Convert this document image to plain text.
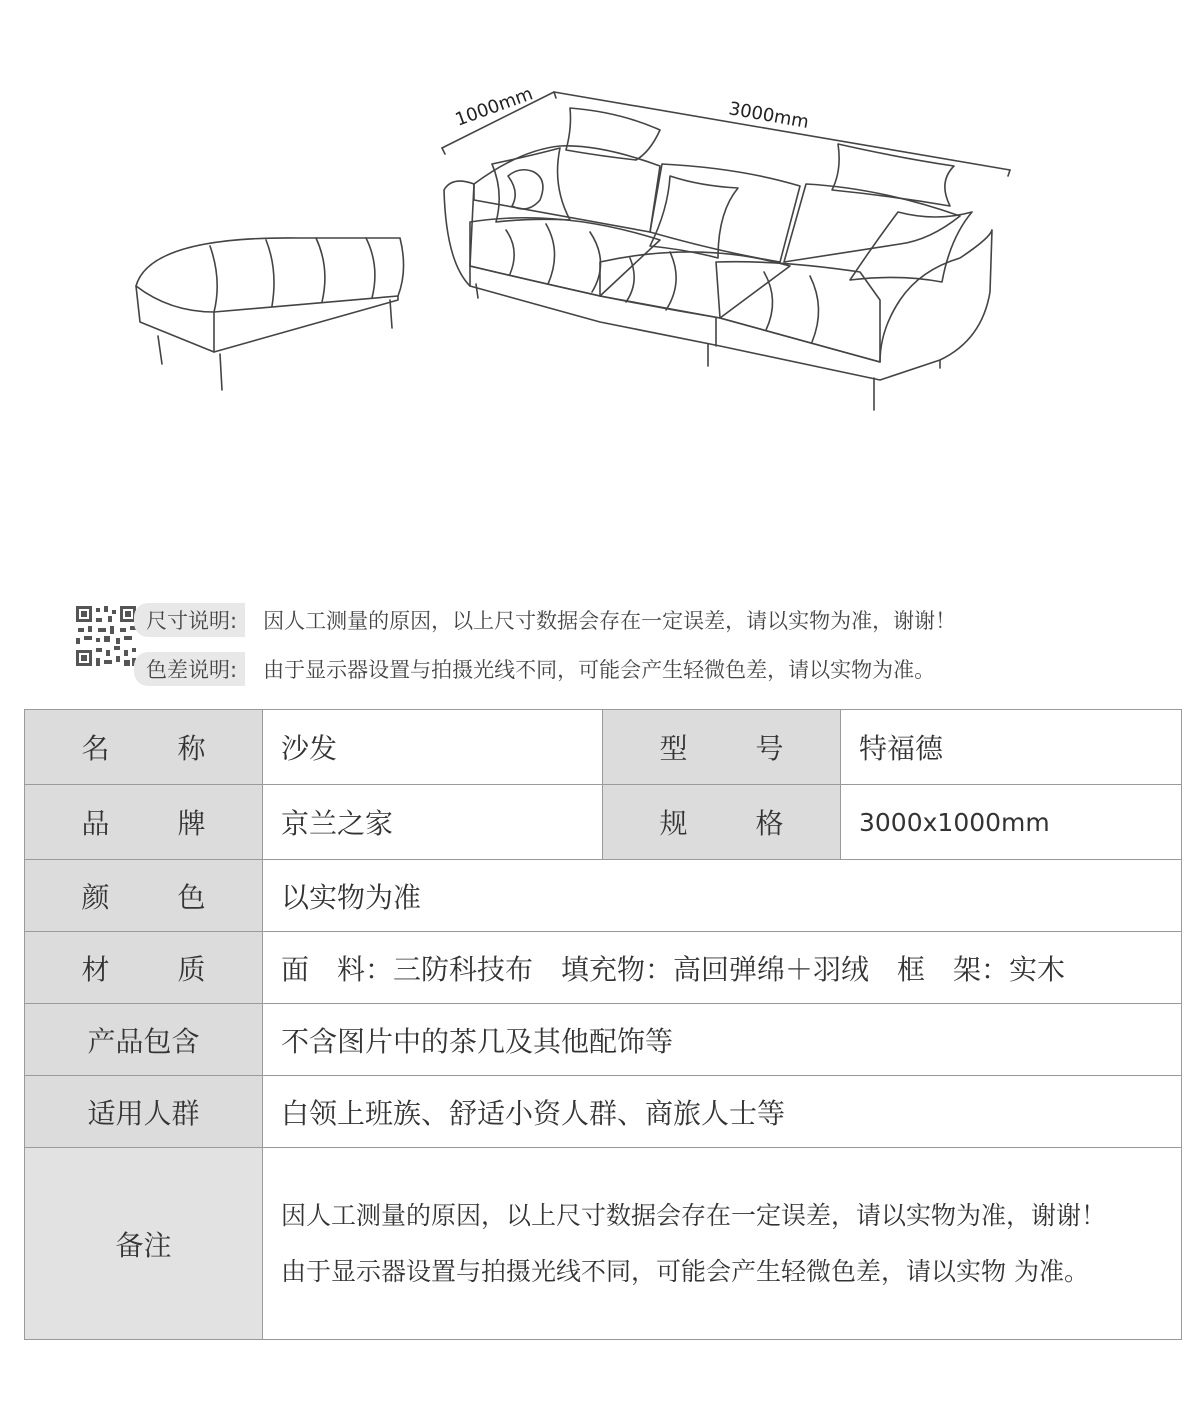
1000mm	3000mm
尺寸说明:	因人工测量的原因，以上尺寸数据会存在一定误差，请以实物为准，谢谢！
色差说明:	由于显示器设置与拍摄光线不同，可能会产生轻微色差，请以实物为准。
名 称	沙发	型 号	特福德

品 牌	京兰之家	规 格	3000x1000mm

颜 色	以实物为准		

材 质	面　料：三防科技布 填充物：高回弹绵＋羽绒 框　架：实木		
产品包含	不含图片中的茶几及其他配饰等		
适用人群	白领上班族、舒适小资人群、商旅人士等		
备注	因人工测量的原因，以上尺寸数据会存在一定误差，请以实物为准，谢谢！
由于显示器设置与拍摄光线不同，可能会产生轻微色差，请以实物 为准。		
